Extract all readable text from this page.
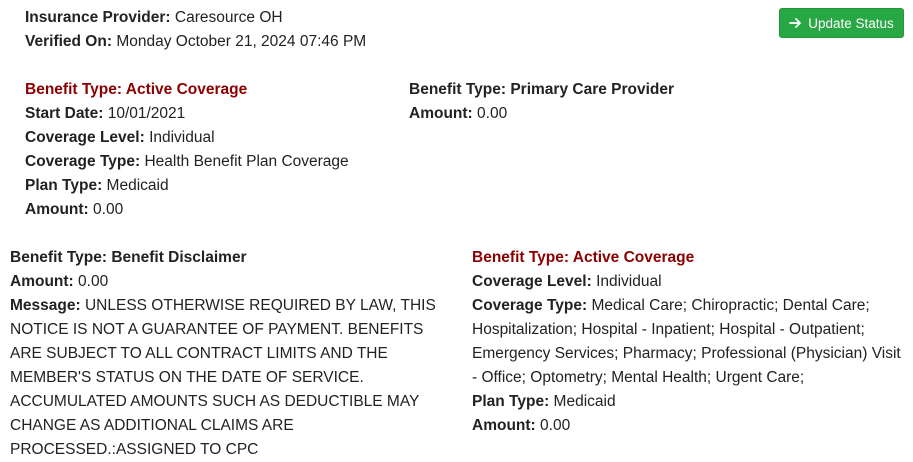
Insurance Provider: Caresource OH
Verified On: Monday October 21, 2024 07:46 PM
Update Status
Benefit Type: Active Coverage
Start Date: 10/01/2021
Coverage Level: Individual
Coverage Type: Health Benefit Plan Coverage
Plan Type: Medicaid
Amount: 0.00
Benefit Type: Primary Care Provider
Amount: 0.00
Benefit Type: Benefit Disclaimer
Amount: 0.00
Message: UNLESS OTHERWISE REQUIRED BY LAW, THIS NOTICE IS NOT A GUARANTEE OF PAYMENT. BENEFITS ARE SUBJECT TO ALL CONTRACT LIMITS AND THE MEMBER'S STATUS ON THE DATE OF SERVICE. ACCUMULATED AMOUNTS SUCH AS DEDUCTIBLE MAY CHANGE AS ADDITIONAL CLAIMS ARE PROCESSED.:ASSIGNED TO CPC
Benefit Type: Active Coverage
Coverage Level: Individual
Coverage Type: Medical Care; Chiropractic; Dental Care; Hospitalization; Hospital - Inpatient; Hospital - Outpatient; Emergency Services; Pharmacy; Professional (Physician) Visit - Office; Optometry; Mental Health; Urgent Care;
Plan Type: Medicaid
Amount: 0.00
